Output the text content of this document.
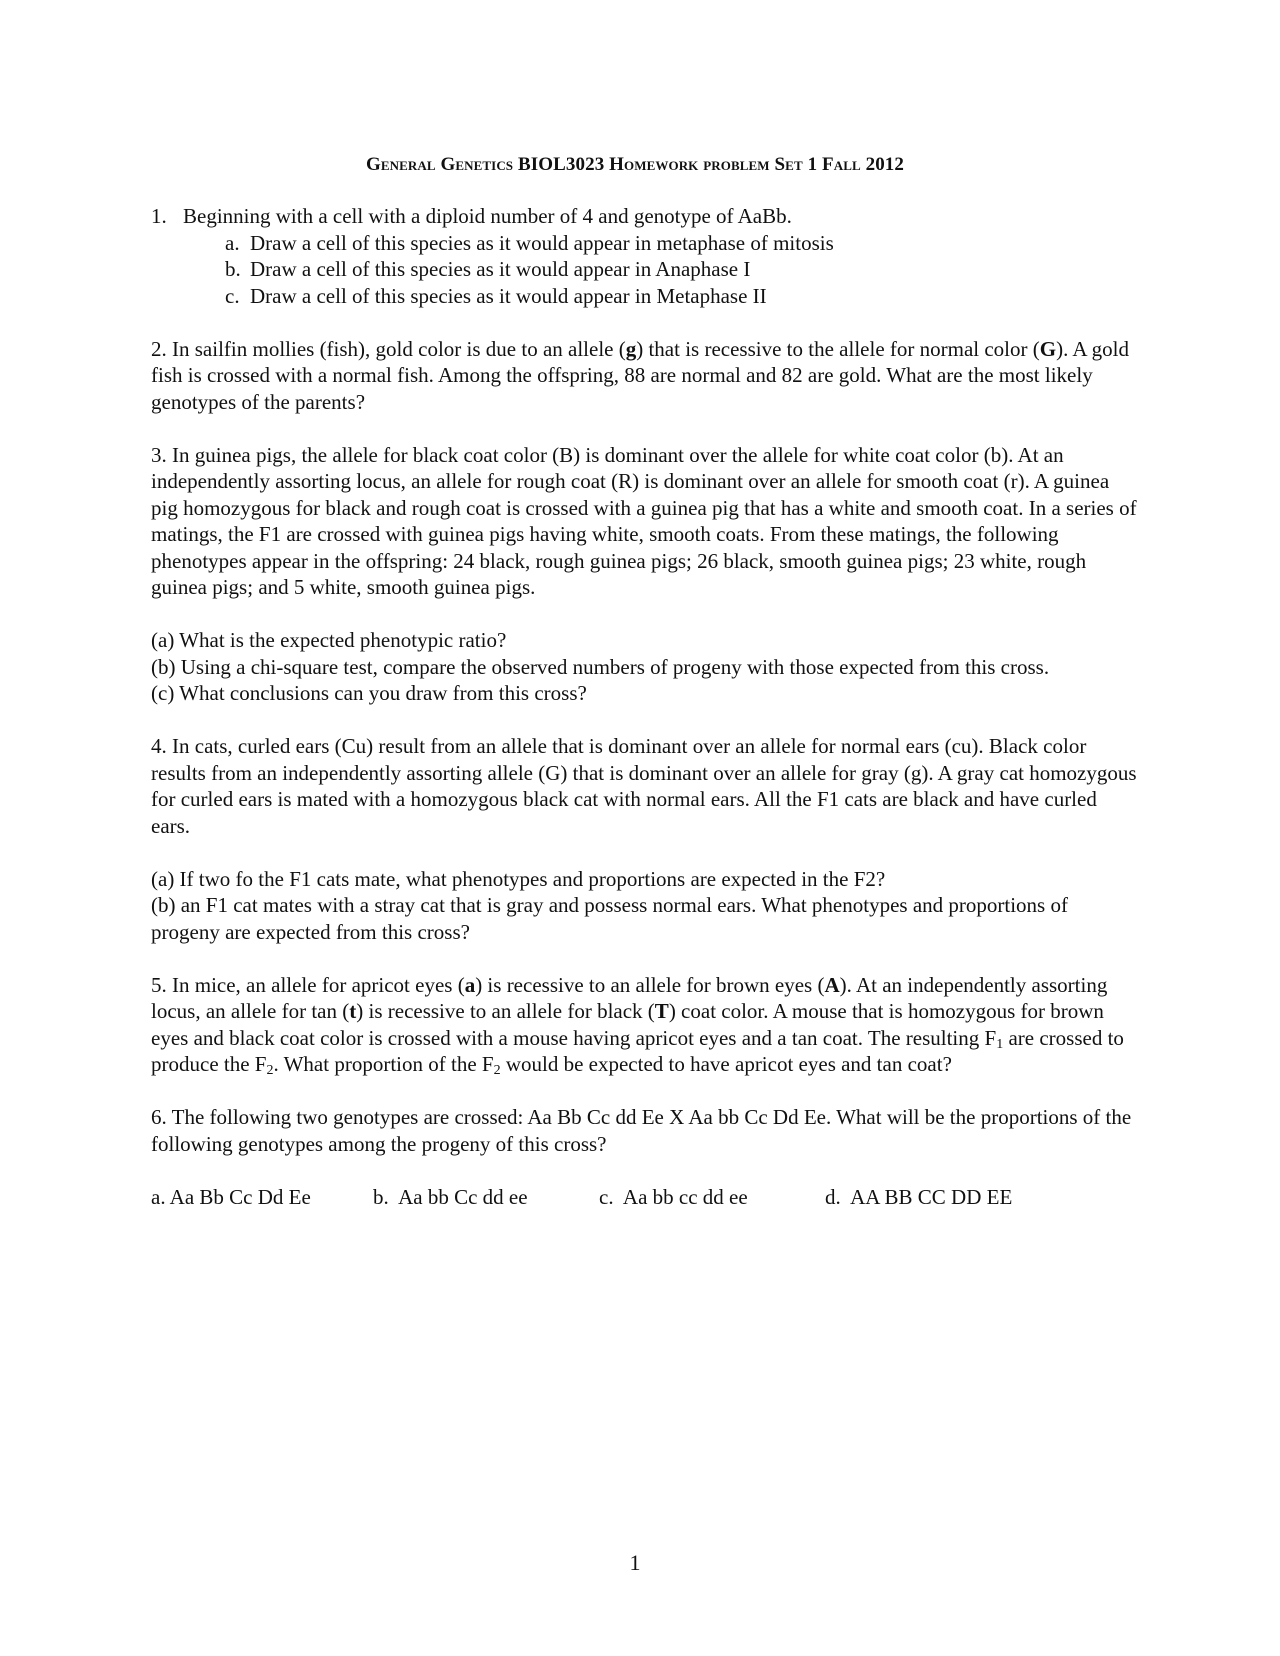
General Genetics BIOL3023 Homework problem Set 1 Fall 2012

1. Beginning with a cell with a diploid number of 4 and genotype of AaBb.

a. Draw a cell of this species as it would appear in metaphase of mitosis
b. Draw a cell of this species as it would appear in Anaphase I
c. Draw a cell of this species as it would appear in Metaphase II

2. In sailfin mollies (fish), gold color is due to an allele (g) that is recessive to the allele for normal color (G). A gold fish is crossed with a normal fish. Among the offspring, 88 are normal and 82 are gold. What are the most likely genotypes of the parents?

3. In guinea pigs, the allele for black coat color (B) is dominant over the allele for white coat color (b). At an independently assorting locus, an allele for rough coat (R) is dominant over an allele for smooth coat (r). A guinea pig homozygous for black and rough coat is crossed with a guinea pig that has a white and smooth coat. In a series of matings, the F1 are crossed with guinea pigs having white, smooth coats. From these matings, the following phenotypes appear in the offspring: 24 black, rough guinea pigs; 26 black, smooth guinea pigs; 23 white, rough guinea pigs; and 5 white, smooth guinea pigs.

(a) What is the expected phenotypic ratio?

(b) Using a chi-square test, compare the observed numbers of progeny with those expected from this cross.

(c) What conclusions can you draw from this cross?

4. In cats, curled ears (Cu) result from an allele that is dominant over an allele for normal ears (cu). Black color results from an independently assorting allele (G) that is dominant over an allele for gray (g). A gray cat homozygous for curled ears is mated with a homozygous black cat with normal ears. All the F1 cats are black and have curled ears.

(a) If two fo the F1 cats mate, what phenotypes and proportions are expected in the F2?

(b) an F1 cat mates with a stray cat that is gray and possess normal ears. What phenotypes and proportions of progeny are expected from this cross?

5. In mice, an allele for apricot eyes (a) is recessive to an allele for brown eyes (A). At an independently assorting locus, an allele for tan (t) is recessive to an allele for black (T) coat color. A mouse that is homozygous for brown eyes and black coat color is crossed with a mouse having apricot eyes and a tan coat. The resulting $F_1$ are crossed to produce the $F_2$. What proportion of the $F_2$ would be expected to have apricot eyes and tan coat?

6. The following two genotypes are crossed: Aa Bb Cc dd Ee X Aa bb Cc Dd Ee. What will be the proportions of the following genotypes among the progeny of this cross?

a. Aa Bb Cc Dd Ee	b.  Aa bb Cc dd ee	c.  Aa bb cc dd ee	d.  AA BB CC DD EE
1
